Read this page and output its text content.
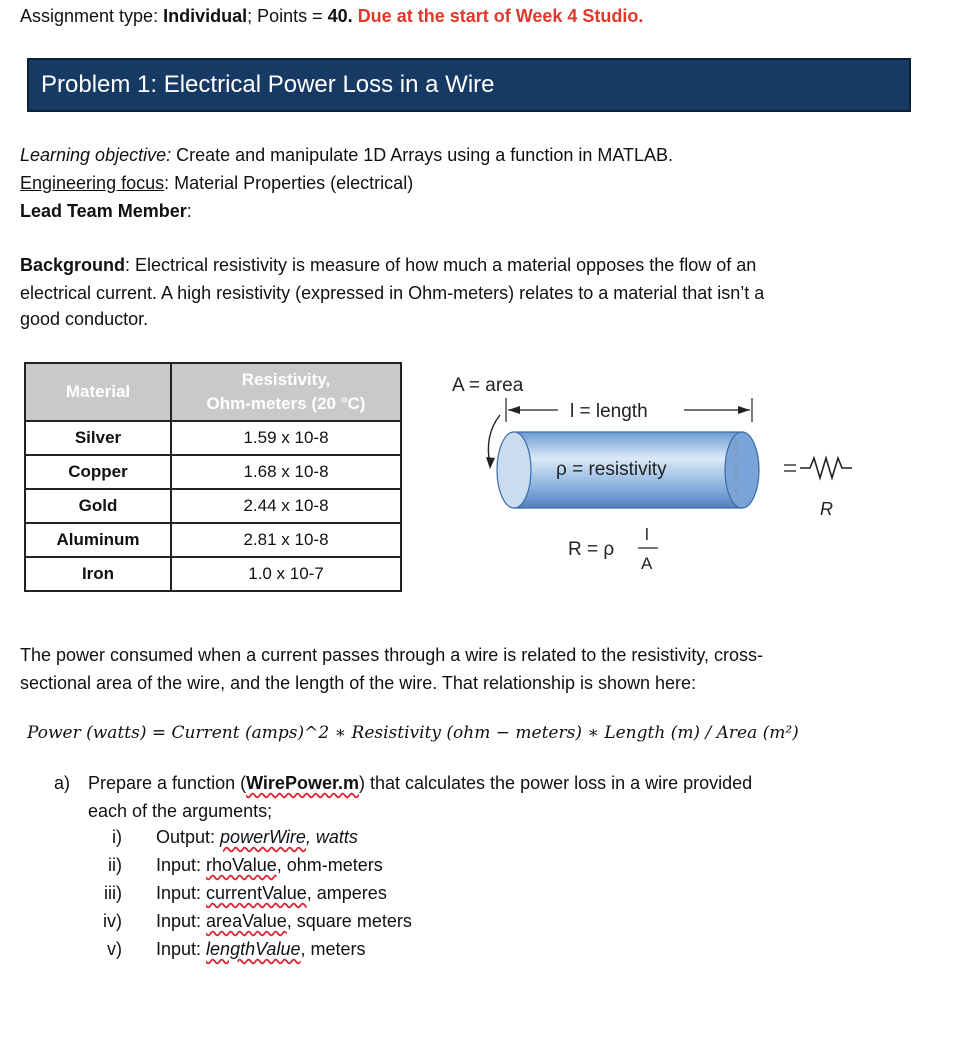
Assignment type: Individual; Points = 40. Due at the start of Week 4 Studio.
Problem 1: Electrical Power Loss in a Wire
Learning objective: Create and manipulate 1D Arrays using a function in MATLAB.
Engineering focus: Material Properties (electrical)
Lead Team Member:
Background: Electrical resistivity is measure of how much a material opposes the flow of an
electrical current. A high resistivity (expressed in Ohm-meters) relates to a material that isn’t a
good conductor.
Material	Resistivity,
Ohm-meters (20 °C)

Silver	1.59 x 10-8
Copper	1.68 x 10-8
Gold	2.44 x 10-8
Aluminum	2.81 x 10-8
Iron	1.0 x 10-7
A = area
l = length
ρ = resistivity
R
R = ρ
l
A
The power consumed when a current passes through a wire is related to the resistivity, cross-
sectional area of the wire, and the length of the wire. That relationship is shown here:
Power (watts) = Current (amps)^2 ∗ Resistivity (ohm − meters) ∗ Length (m) / Area (m²)
a) Prepare a function (WirePower.m) that calculates the power loss in a wire provided
each of the arguments;
i) Output: powerWire, watts
ii) Input: rhoValue, ohm-meters
iii) Input: currentValue, amperes
iv) Input: areaValue, square meters
v) Input: lengthValue, meters
